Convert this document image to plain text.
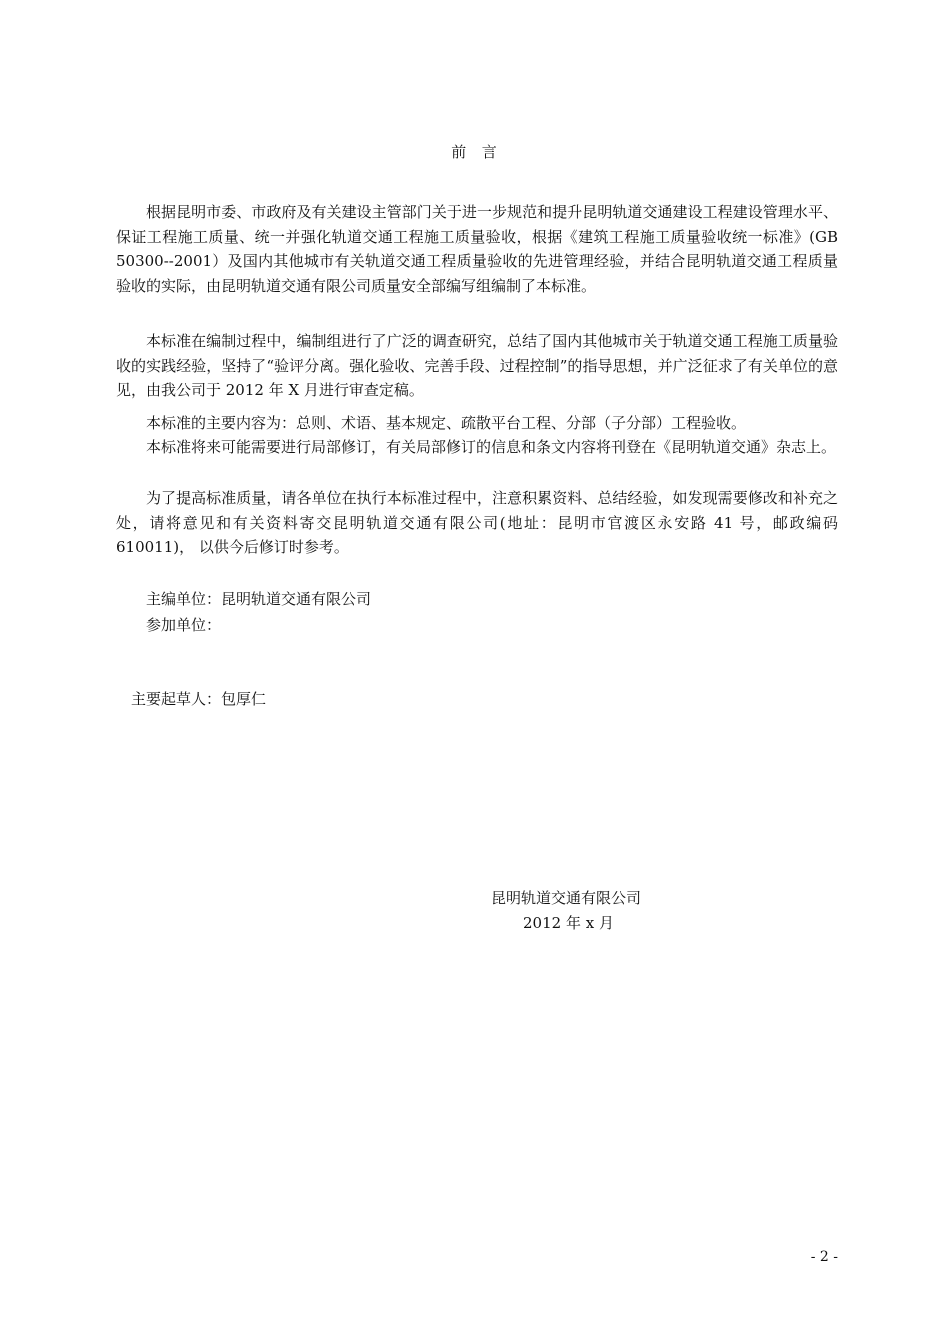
前  言

根据昆明市委、市政府及有关建设主管部门关于进一步规范和提升昆明轨道交通建设工程建设管理水平、保证工程施工质量、统一并强化轨道交通工程施工质量验收，根据《建筑工程施工质量验收统一标准》(GB 50300--2001）及国内其他城市有关轨道交通工程质量验收的先进管理经验，并结合昆明轨道交通工程质量验收的实际，由昆明轨道交通有限公司质量安全部编写组编制了本标准。

本标准在编制过程中，编制组进行了广泛的调查研究，总结了国内其他城市关于轨道交通工程施工质量验收的实践经验，坚持了“验评分离。强化验收、完善手段、过程控制”的指导思想，并广泛征求了有关单位的意见，由我公司于 2012 年 X 月进行审查定稿。

本标准的主要内容为：总则、术语、基本规定、疏散平台工程、分部（子分部）工程验收。

本标准将来可能需要进行局部修订，有关局部修订的信息和条文内容将刊登在《昆明轨道交通》杂志上。

为了提高标准质量，请各单位在执行本标准过程中，注意积累资料、总结经验，如发现需要修改和补充之处，请将意见和有关资料寄交昆明轨道交通有限公司(地址：昆明市官渡区永安路 41 号，邮政编码 610011)， 以供今后修订时参考。

主编单位：昆明轨道交通有限公司
参加单位：
主要起草人：包厚仁
昆明轨道交通有限公司
2012 年 x 月
- 2 -
